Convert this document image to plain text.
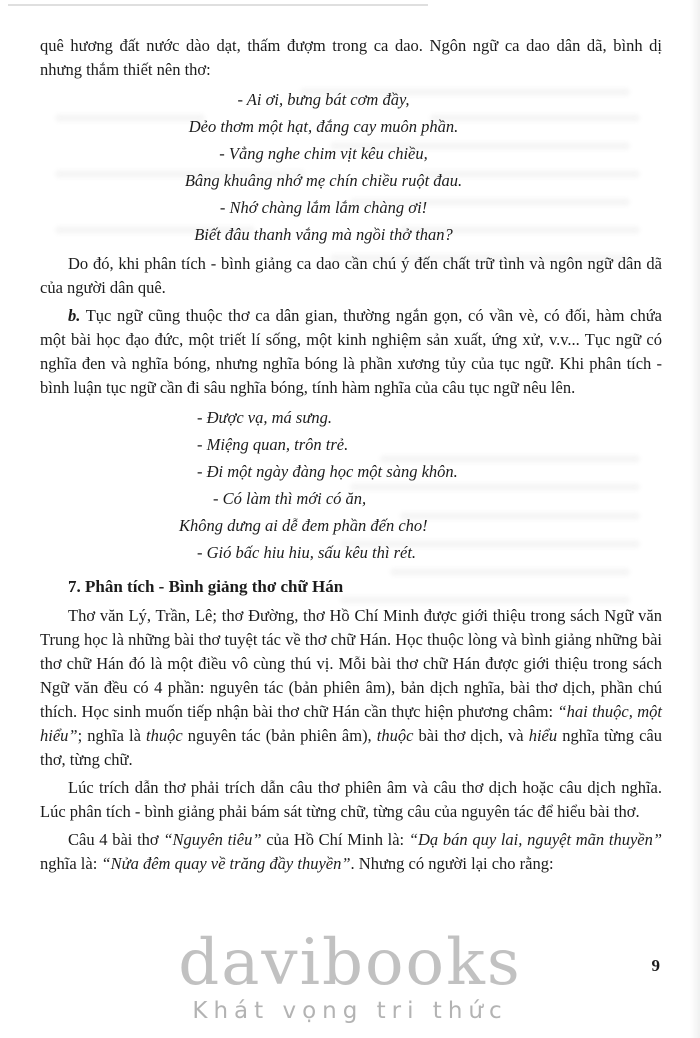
quê hương đất nước dào dạt, thấm đượm trong ca dao. Ngôn ngữ ca dao dân dã, bình dị nhưng thắm thiết nên thơ:

- Ai ơi, bưng bát cơm đầy,
Dẻo thơm một hạt, đắng cay muôn phần.
- Vẳng nghe chim vịt kêu chiều,
Bâng khuâng nhớ mẹ chín chiều ruột đau.
- Nhớ chàng lắm lắm chàng ơi!
Biết đâu thanh vắng mà ngồi thở than?

Do đó, khi phân tích - bình giảng ca dao cần chú ý đến chất trữ tình và ngôn ngữ dân dã của người dân quê.

b. Tục ngữ cũng thuộc thơ ca dân gian, thường ngắn gọn, có vần vè, có đối, hàm chứa một bài học đạo đức, một triết lí sống, một kinh nghiệm sản xuất, ứng xử, v.v... Tục ngữ có nghĩa đen và nghĩa bóng, nhưng nghĩa bóng là phần xương tủy của tục ngữ. Khi phân tích - bình luận tục ngữ cần đi sâu nghĩa bóng, tính hàm nghĩa của câu tục ngữ nêu lên.

- Được vạ, má sưng.
- Miệng quan, trôn trẻ.
- Đi một ngày đàng học một sàng khôn.
- Có làm thì mới có ăn,
Không dưng ai dễ đem phần đến cho!
- Gió bấc hiu hiu, sấu kêu thì rét.
7. Phân tích - Bình giảng thơ chữ Hán

Thơ văn Lý, Trần, Lê; thơ Đường, thơ Hồ Chí Minh được giới thiệu trong sách Ngữ văn Trung học là những bài thơ tuyệt tác về thơ chữ Hán. Học thuộc lòng và bình giảng những bài thơ chữ Hán đó là một điều vô cùng thú vị. Mỗi bài thơ chữ Hán được giới thiệu trong sách Ngữ văn đều có 4 phần: nguyên tác (bản phiên âm), bản dịch nghĩa, bài thơ dịch, phần chú thích. Học sinh muốn tiếp nhận bài thơ chữ Hán cần thực hiện phương châm: “hai thuộc, một hiểu”; nghĩa là thuộc nguyên tác (bản phiên âm), thuộc bài thơ dịch, và hiểu nghĩa từng câu thơ, từng chữ.

Lúc trích dẫn thơ phải trích dẫn câu thơ phiên âm và câu thơ dịch hoặc câu dịch nghĩa. Lúc phân tích - bình giảng phải bám sát từng chữ, từng câu của nguyên tác để hiểu bài thơ.

Câu 4 bài thơ “Nguyên tiêu” của Hồ Chí Minh là: “Dạ bán quy lai, nguyệt mãn thuyền” nghĩa là: “Nửa đêm quay về trăng đầy thuyền”. Nhưng có người lại cho rằng:

davibooks
Khát vọng tri thức
9
